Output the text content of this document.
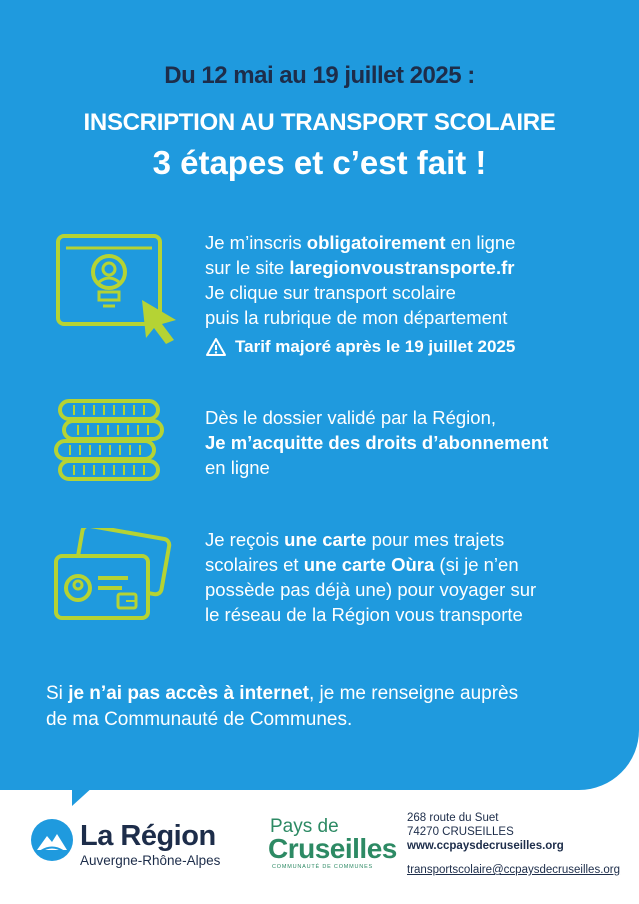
Du 12 mai au 19 juillet 2025 :
INSCRIPTION AU TRANSPORT SCOLAIRE
3 étapes et c’est fait !
Je m’inscris obligatoirement en ligne
sur le site laregionvoustransporte.fr
Je clique sur transport scolaire
puis la rubrique de mon département
Tarif majoré après le 19 juillet 2025
Dès le dossier validé par la Région,
Je m’acquitte des droits d’abonnement
en ligne
Je reçois une carte pour mes trajets
scolaires et une carte Oùra (si je n’en
possède pas déjà une) pour voyager sur
le réseau de la Région vous transporte
Si je n’ai pas accès à internet, je me renseigne auprès
de ma Communauté de Communes.
La Région
Auvergne-Rhône-Alpes
Pays de
Cruseilles
COMMUNAUTÉ DE COMMUNES
268 route du Suet
74270 CRUSEILLES
www.ccpaysdecruseilles.org
transportscolaire@ccpaysdecruseilles.org
